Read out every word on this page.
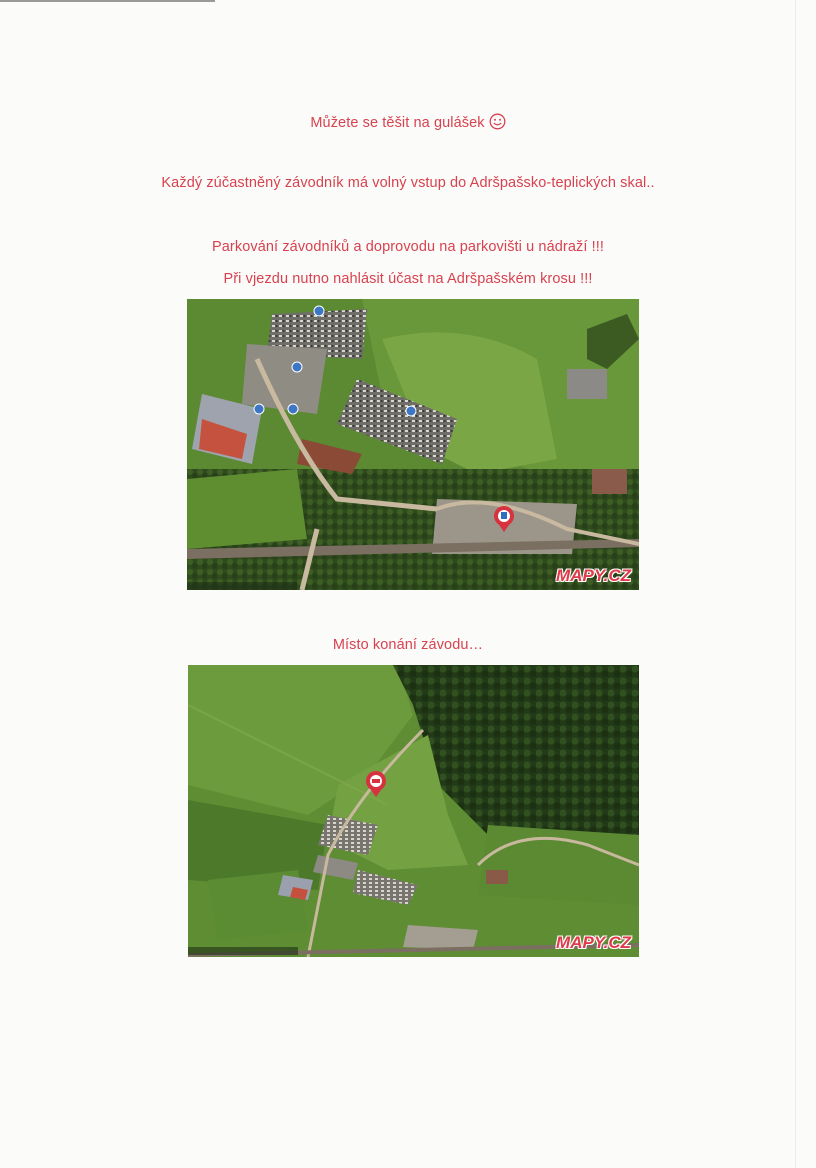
Můžete se těšit na gulášek
Každý zúčastněný závodník má volný vstup do Adršpašsko-teplických skal..
Parkování závodníků a doprovodu na parkovišti u nádraží !!!
Při vjezdu nutno nahlásit účast na Adršpašském krosu !!!
MAPY.CZ
Místo konání závodu…
MAPY.CZ
